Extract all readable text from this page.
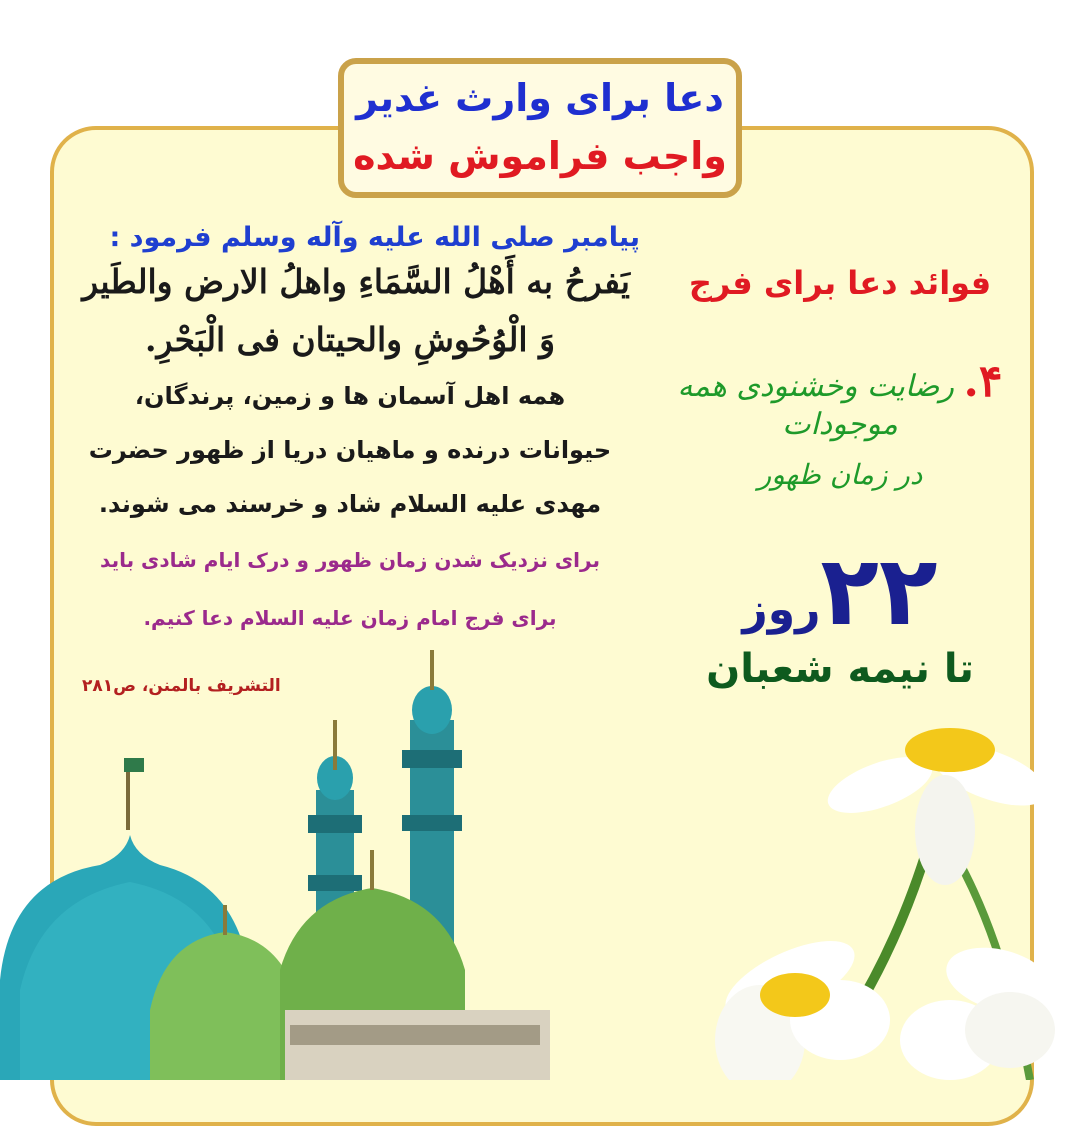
دعا برای وارث غدیر
واجب فراموش شده
پیامبر صلی الله علیه وآله وسلم فرمود :
یَفرحُ به أَهْلُ السَّمَاءِ واهلُ الارض والطَیر
وَ الْوُحُوشِ والحیتان فی الْبَحْرِ.
همه اهل آسمان ها و زمین، پرندگان،
حیوانات درنده و ماهیان دریا از ظهور حضرت
مهدی علیه السلام شاد و خرسند می شوند.
برای نزدیک شدن زمان ظهور و درک ایام شادی باید
برای فرج امام زمان علیه السلام دعا کنیم.
التشریف بالمنن، ص۲۸۱
فوائد دعا برای فرج
۴. رضایت وخشنودی همه موجودات
در زمان ظهور
۲۲روز
تا نیمه شعبان
